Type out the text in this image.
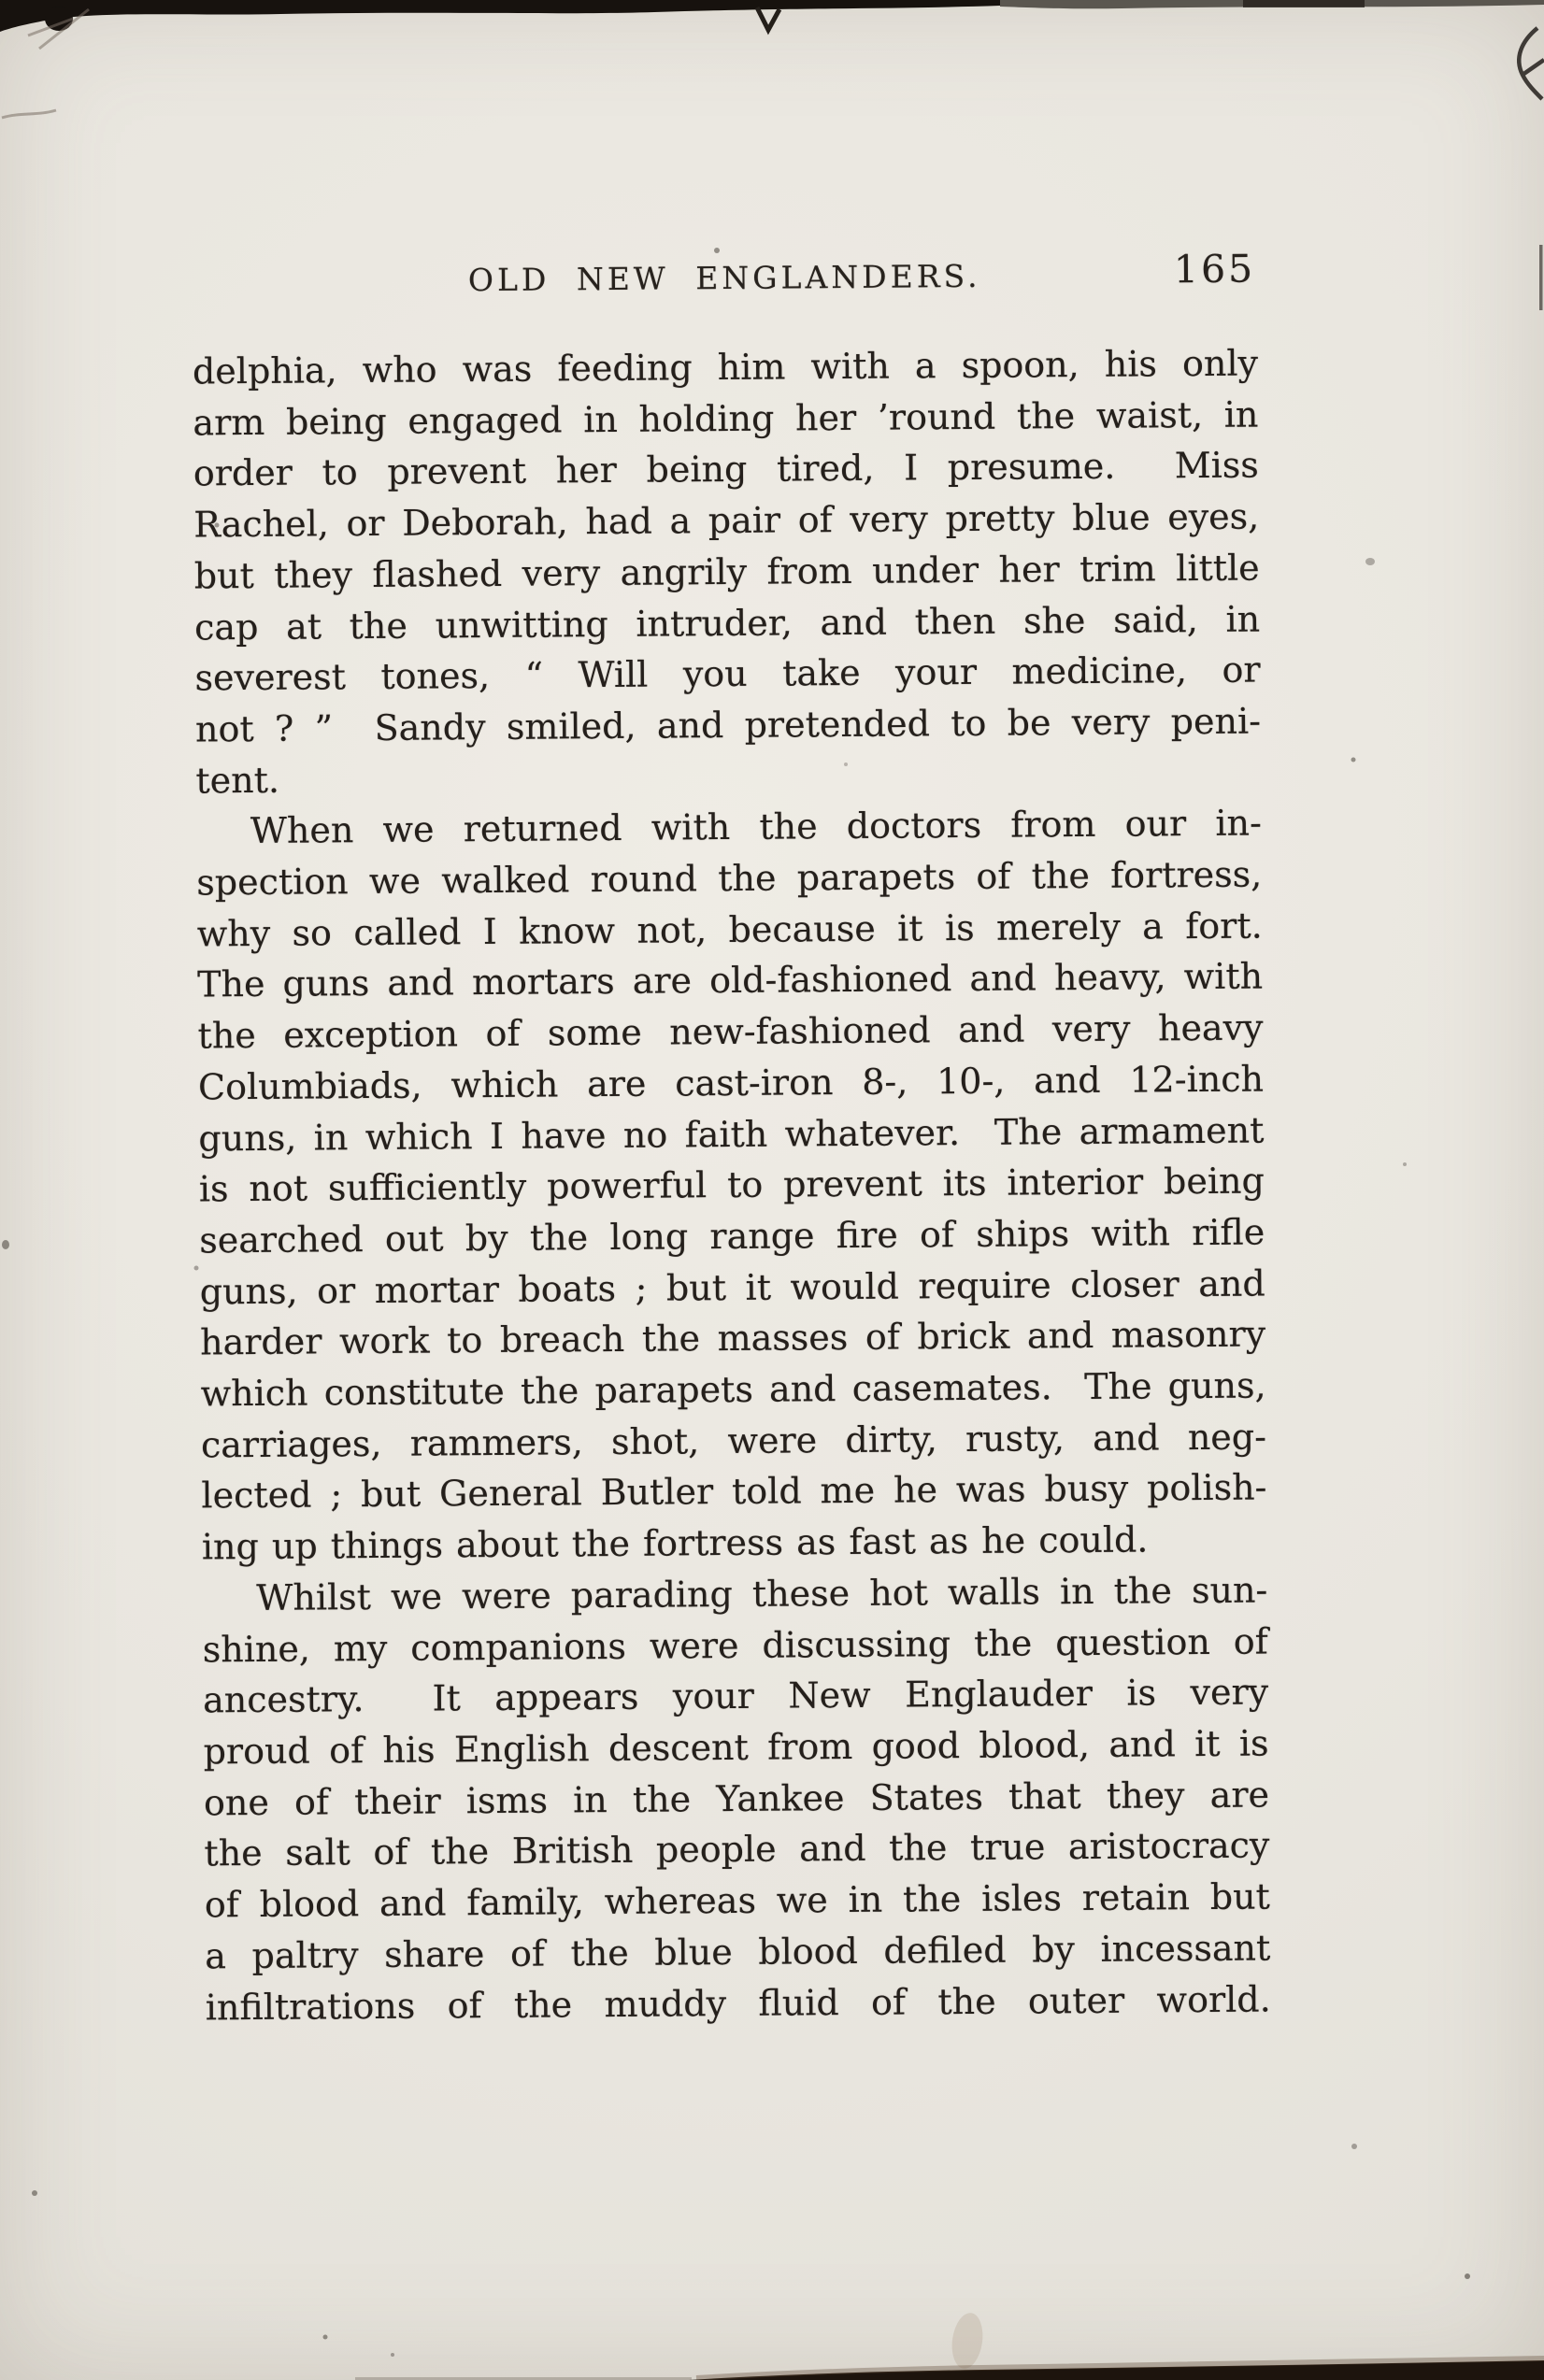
OLD NEW ENGLANDERS.	165
delphia, who was feeding him with a spoon, his only
arm being engaged in holding her ’round the waist, in
order to prevent her being tired, I presume.  Miss
Rachel, or Deborah, had a pair of very pretty blue eyes,
but they flashed very angrily from under her trim little
cap at the unwitting intruder, and then she said, in
severest tones, “ Will you take your medicine, or
not ? ”  Sandy smiled, and pretended to be very peni-
tent.
When we returned with the doctors from our in-
spection we walked round the parapets of the fortress,
why so called I know not, because it is merely a fort.
The guns and mortars are old-fashioned and heavy, with
the exception of some new-fashioned and very heavy
Columbiads, which are cast-iron 8-, 10-, and 12-inch
guns, in which I have no faith whatever.  The armament
is not sufficiently powerful to prevent its interior being
searched out by the long range fire of ships with rifle
guns, or mortar boats ; but it would require closer and
harder work to breach the masses of brick and masonry
which constitute the parapets and casemates.  The guns,
carriages, rammers, shot, were dirty, rusty, and neg-
lected ; but General Butler told me he was busy polish-
ing up things about the fortress as fast as he could.
Whilst we were parading these hot walls in the sun-
shine, my companions were discussing the question of
ancestry.  It appears your New Englauder is very
proud of his English descent from good blood, and it is
one of their isms in the Yankee States that they are
the salt of the British people and the true aristocracy
of blood and family, whereas we in the isles retain but
a paltry share of the blue blood defiled by incessant
infiltrations of the muddy fluid of the outer world.
